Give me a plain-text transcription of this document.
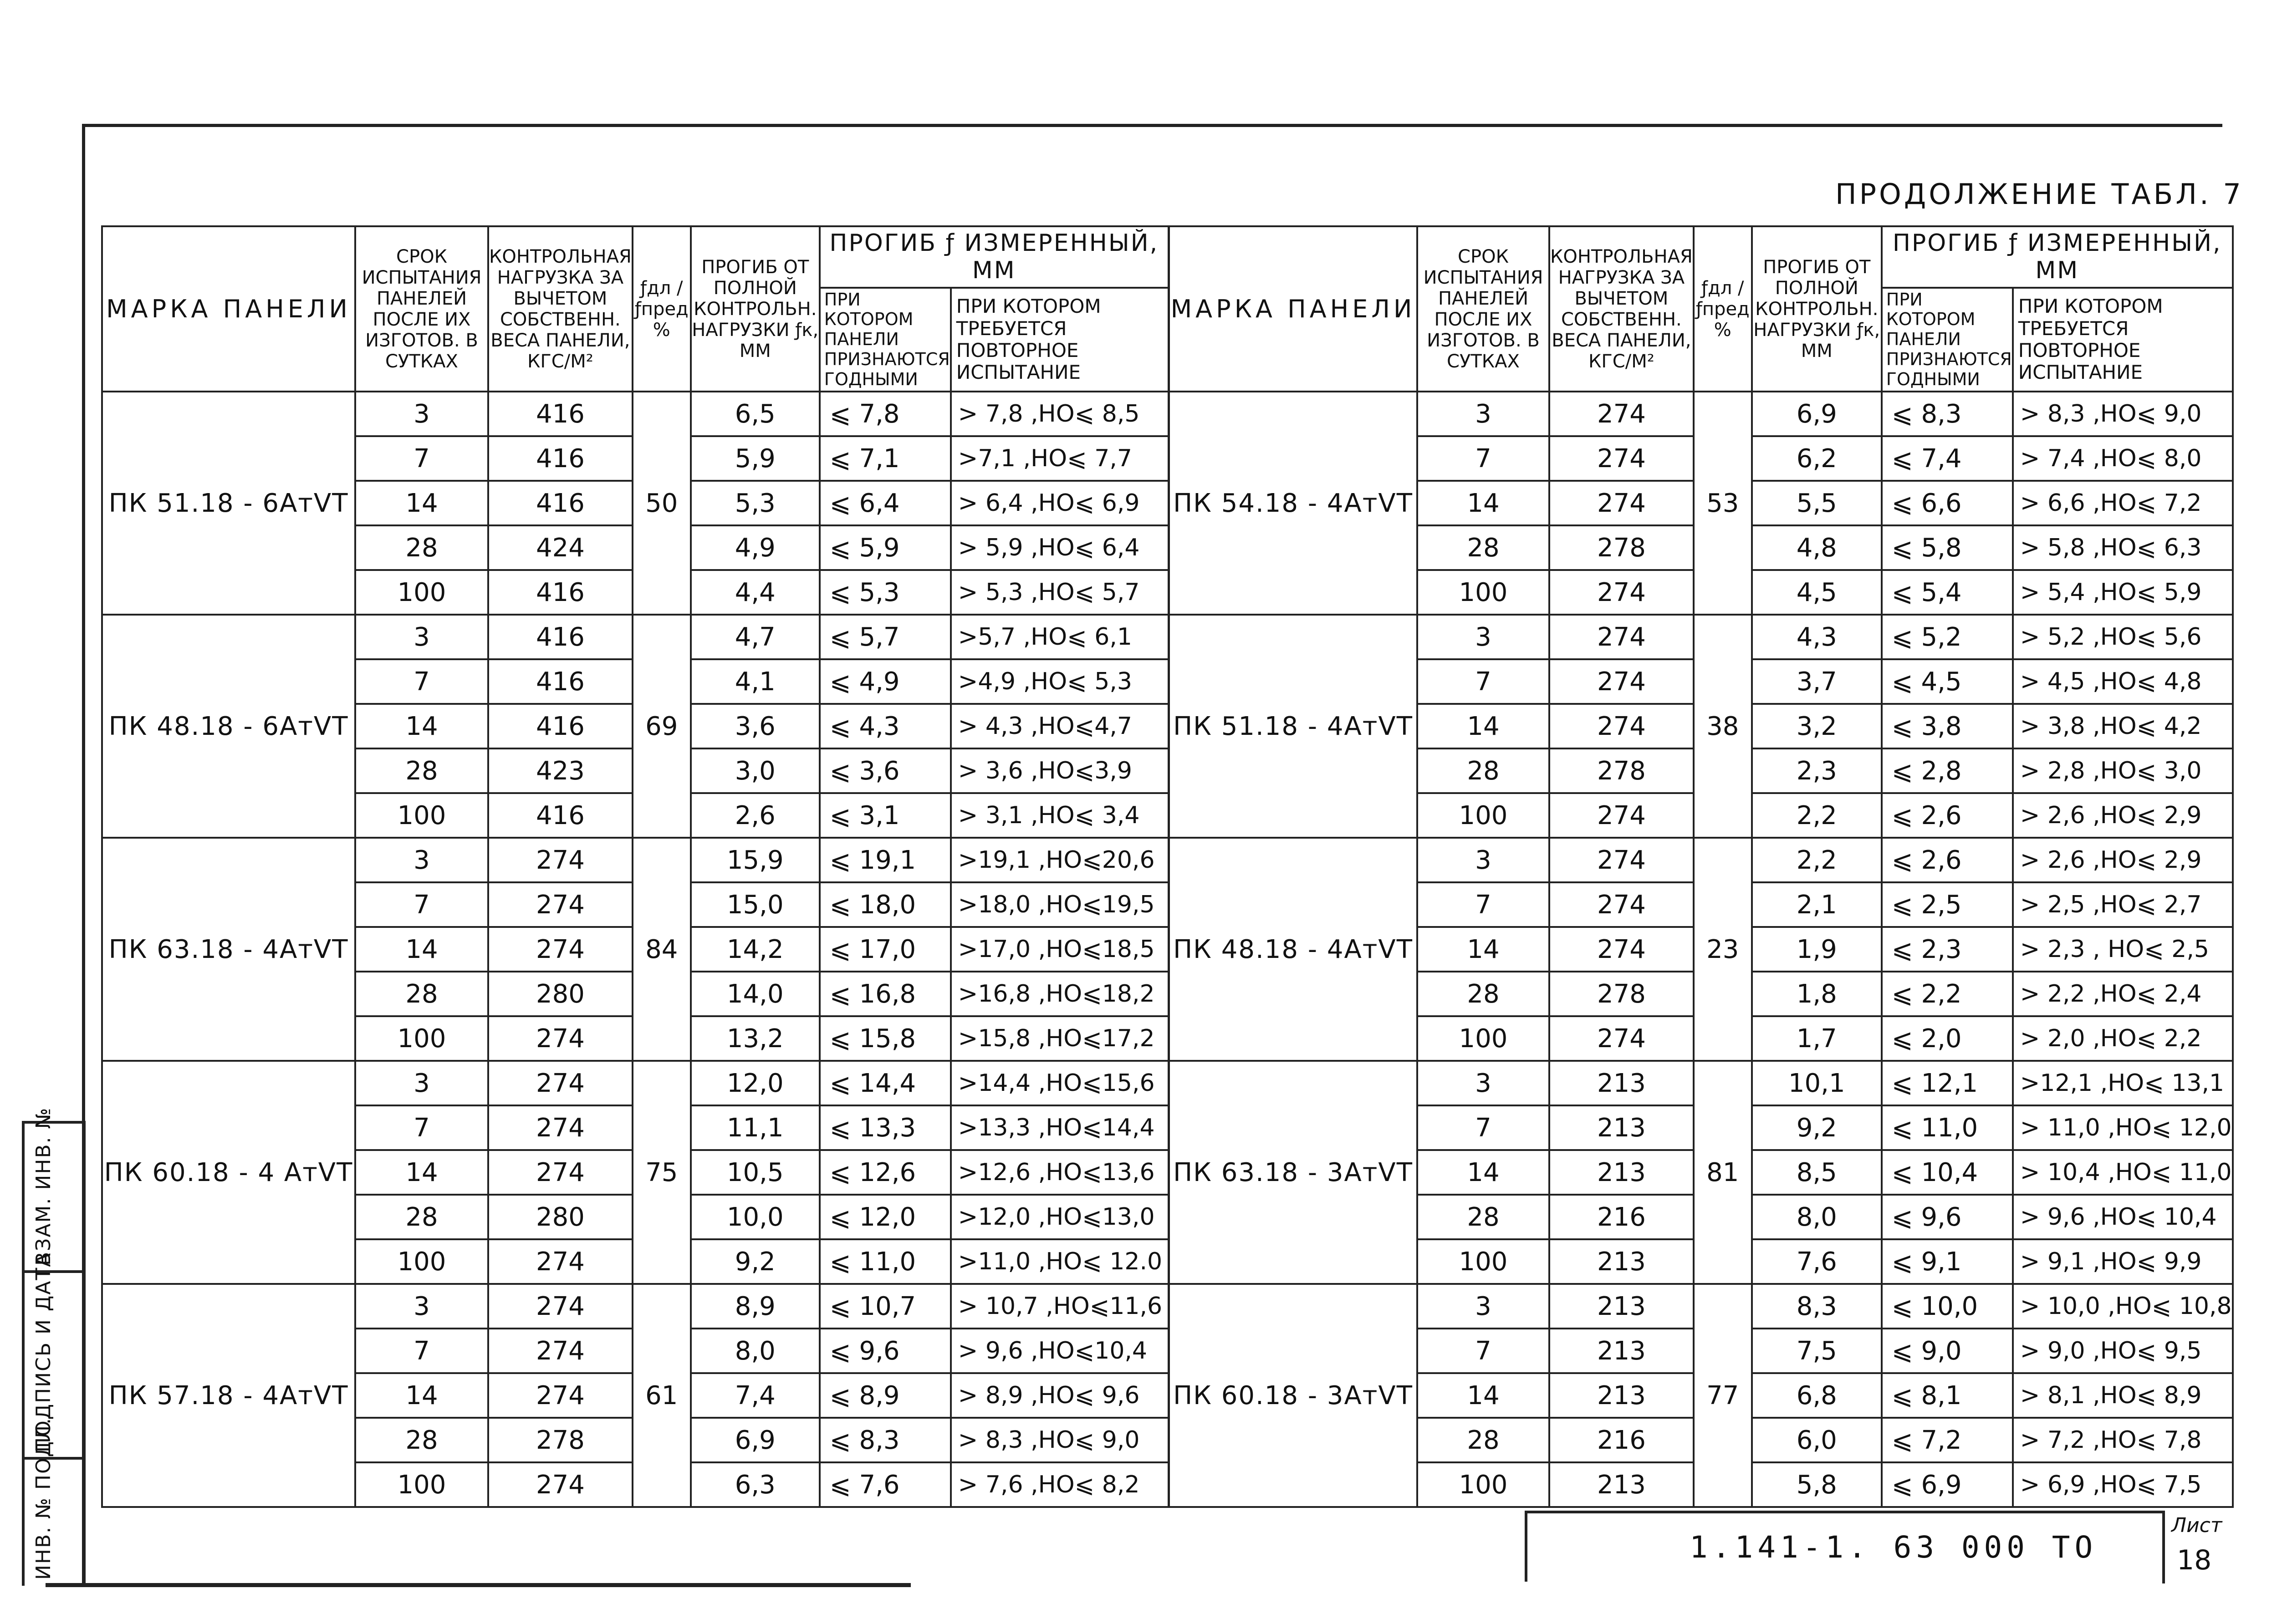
ПРОДОЛЖЕНИЕ ТАБЛ. 7
МАРКА ПАНЕЛИ	СРОК ИСПЫТАНИЯ ПАНЕЛЕЙ ПОСЛЕ ИХ ИЗГОТОВ. В СУТКАХ	КОНТРОЛЬНАЯ НАГРУЗКА ЗА ВЫЧЕТОМ СОБСТВЕНН. ВЕСА ПАНЕЛИ, КГС/М²	ƒдл / ƒпред %	ПРОГИБ ОТ ПОЛНОЙ КОНТРОЛЬН. НАГРУЗКИ ƒк, ММ	ПРОГИБ ƒ ИЗМЕРЕННЫЙ, ММ	
					ПРИ КОТОРОМ ПАНЕЛИ ПРИЗНАЮТСЯ ГОДНЫМИ	ПРИ КОТОРОМ ТРЕБУЕТСЯ ПОВТОРНОЕ ИСПЫТАНИЕ
ПК 51.18 - 6АтⅤТ	3	416	50	6,5	⩽ 7,8	> 7,8 ,НО⩽ 8,5
	7	416		5,9	⩽ 7,1	>7,1 ,НО⩽ 7,7
	14	416		5,3	⩽ 6,4	> 6,4 ,НО⩽ 6,9
	28	424		4,9	⩽ 5,9	> 5,9 ,НО⩽ 6,4
	100	416		4,4	⩽ 5,3	> 5,3 ,НО⩽ 5,7
ПК 48.18 - 6АтⅤТ	3	416	69	4,7	⩽ 5,7	>5,7 ,НО⩽ 6,1
	7	416		4,1	⩽ 4,9	>4,9 ,НО⩽ 5,3
	14	416		3,6	⩽ 4,3	> 4,3 ,НО⩽4,7
	28	423		3,0	⩽ 3,6	> 3,6 ,НО⩽3,9
	100	416		2,6	⩽ 3,1	> 3,1 ,НО⩽ 3,4
ПК 63.18 - 4АтⅤТ	3	274	84	15,9	⩽ 19,1	>19,1 ,НО⩽20,6
	7	274		15,0	⩽ 18,0	>18,0 ,НО⩽19,5
	14	274		14,2	⩽ 17,0	>17,0 ,НО⩽18,5
	28	280		14,0	⩽ 16,8	>16,8 ,НО⩽18,2
	100	274		13,2	⩽ 15,8	>15,8 ,НО⩽17,2
ПК 60.18 - 4 АтⅤТ	3	274	75	12,0	⩽ 14,4	>14,4 ,НО⩽15,6
	7	274		11,1	⩽ 13,3	>13,3 ,НО⩽14,4
	14	274		10,5	⩽ 12,6	>12,6 ,НО⩽13,6
	28	280		10,0	⩽ 12,0	>12,0 ,НО⩽13,0
	100	274		9,2	⩽ 11,0	>11,0 ,НО⩽ 12.0
ПК 57.18 - 4АтⅤТ	3	274	61	8,9	⩽ 10,7	> 10,7 ,НО⩽11,6
	7	274		8,0	⩽ 9,6	> 9,6 ,НО⩽10,4
	14	274		7,4	⩽ 8,9	> 8,9 ,НО⩽ 9,6
	28	278		6,9	⩽ 8,3	> 8,3 ,НО⩽ 9,0
	100	274		6,3	⩽ 7,6	> 7,6 ,НО⩽ 8,2
МАРКА ПАНЕЛИ	СРОК ИСПЫТАНИЯ ПАНЕЛЕЙ ПОСЛЕ ИХ ИЗГОТОВ. В СУТКАХ	КОНТРОЛЬНАЯ НАГРУЗКА ЗА ВЫЧЕТОМ СОБСТВЕНН. ВЕСА ПАНЕЛИ, КГС/М²	ƒдл / ƒпред %	ПРОГИБ ОТ ПОЛНОЙ КОНТРОЛЬН. НАГРУЗКИ ƒк, ММ	ПРОГИБ ƒ ИЗМЕРЕННЫЙ, ММ	
					ПРИ КОТОРОМ ПАНЕЛИ ПРИЗНАЮТСЯ ГОДНЫМИ	ПРИ КОТОРОМ ТРЕБУЕТСЯ ПОВТОРНОЕ ИСПЫТАНИЕ
ПК 54.18 - 4АтⅤТ	3	274	53	6,9	⩽ 8,3	> 8,3 ,НО⩽ 9,0
	7	274		6,2	⩽ 7,4	> 7,4 ,НО⩽ 8,0
	14	274		5,5	⩽ 6,6	> 6,6 ,НО⩽ 7,2
	28	278		4,8	⩽ 5,8	> 5,8 ,НО⩽ 6,3
	100	274		4,5	⩽ 5,4	> 5,4 ,НО⩽ 5,9
ПК 51.18 - 4АтⅤТ	3	274	38	4,3	⩽ 5,2	> 5,2 ,НО⩽ 5,6
	7	274		3,7	⩽ 4,5	> 4,5 ,НО⩽ 4,8
	14	274		3,2	⩽ 3,8	> 3,8 ,НО⩽ 4,2
	28	278		2,3	⩽ 2,8	> 2,8 ,НО⩽ 3,0
	100	274		2,2	⩽ 2,6	> 2,6 ,НО⩽ 2,9
ПК 48.18 - 4АтⅤТ	3	274	23	2,2	⩽ 2,6	> 2,6 ,НО⩽ 2,9
	7	274		2,1	⩽ 2,5	> 2,5 ,НО⩽ 2,7
	14	274		1,9	⩽ 2,3	> 2,3 , НО⩽ 2,5
	28	278		1,8	⩽ 2,2	> 2,2 ,НО⩽ 2,4
	100	274		1,7	⩽ 2,0	> 2,0 ,НО⩽ 2,2
ПК 63.18 - 3АтⅤТ	3	213	81	10,1	⩽ 12,1	>12,1 ,НО⩽ 13,1
	7	213		9,2	⩽ 11,0	> 11,0 ,НО⩽ 12,0
	14	213		8,5	⩽ 10,4	> 10,4 ,НО⩽ 11,0
	28	216		8,0	⩽ 9,6	> 9,6 ,НО⩽ 10,4
	100	213		7,6	⩽ 9,1	> 9,1 ,НО⩽ 9,9
ПК 60.18 - 3АтⅤТ	3	213	77	8,3	⩽ 10,0	> 10,0 ,НО⩽ 10,8
	7	213		7,5	⩽ 9,0	> 9,0 ,НО⩽ 9,5
	14	213		6,8	⩽ 8,1	> 8,1 ,НО⩽ 8,9
	28	216		6,0	⩽ 7,2	> 7,2 ,НО⩽ 7,8
	100	213		5,8	⩽ 6,9	> 6,9 ,НО⩽ 7,5
ВЗАМ. ИНВ. №
ПОДПИСЬ И ДАТА
ИНВ. № ПОДЛ.	1.141-1. 63 000 ТО
Лист
18
